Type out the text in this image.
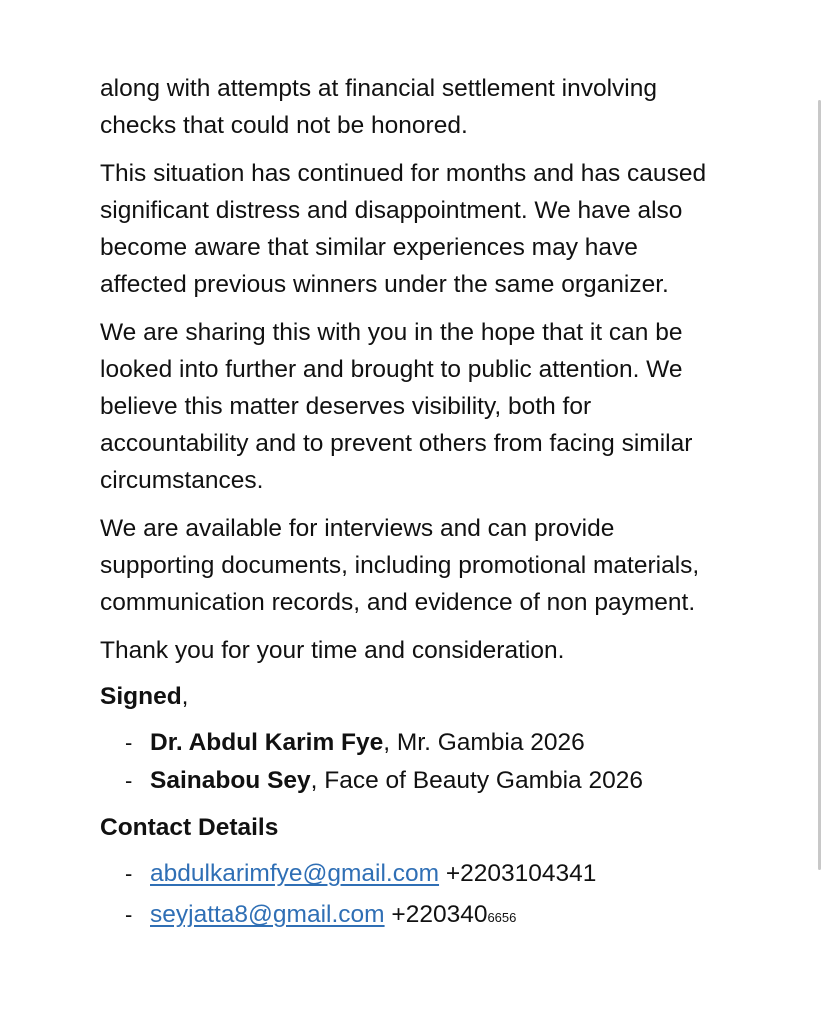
along with attempts at financial settlement involving checks that could not be honored.

This situation has continued for months and has caused significant distress and disappointment. We have also become aware that similar experiences may have affected previous winners under the same organizer.

We are sharing this with you in the hope that it can be looked into further and brought to public attention. We believe this matter deserves visibility, both for accountability and to prevent others from facing similar circumstances.

We are available for interviews and can provide supporting documents, including promotional materials, communication records, and evidence of non payment.

Thank you for your time and consideration.

Signed,

- Dr. Abdul Karim Fye, Mr. Gambia 2026
- Sainabou Sey, Face of Beauty Gambia 2026

Contact Details

- abdulkarimfye@gmail.com +2203104341
- seyjatta8@gmail.com +2203406656
